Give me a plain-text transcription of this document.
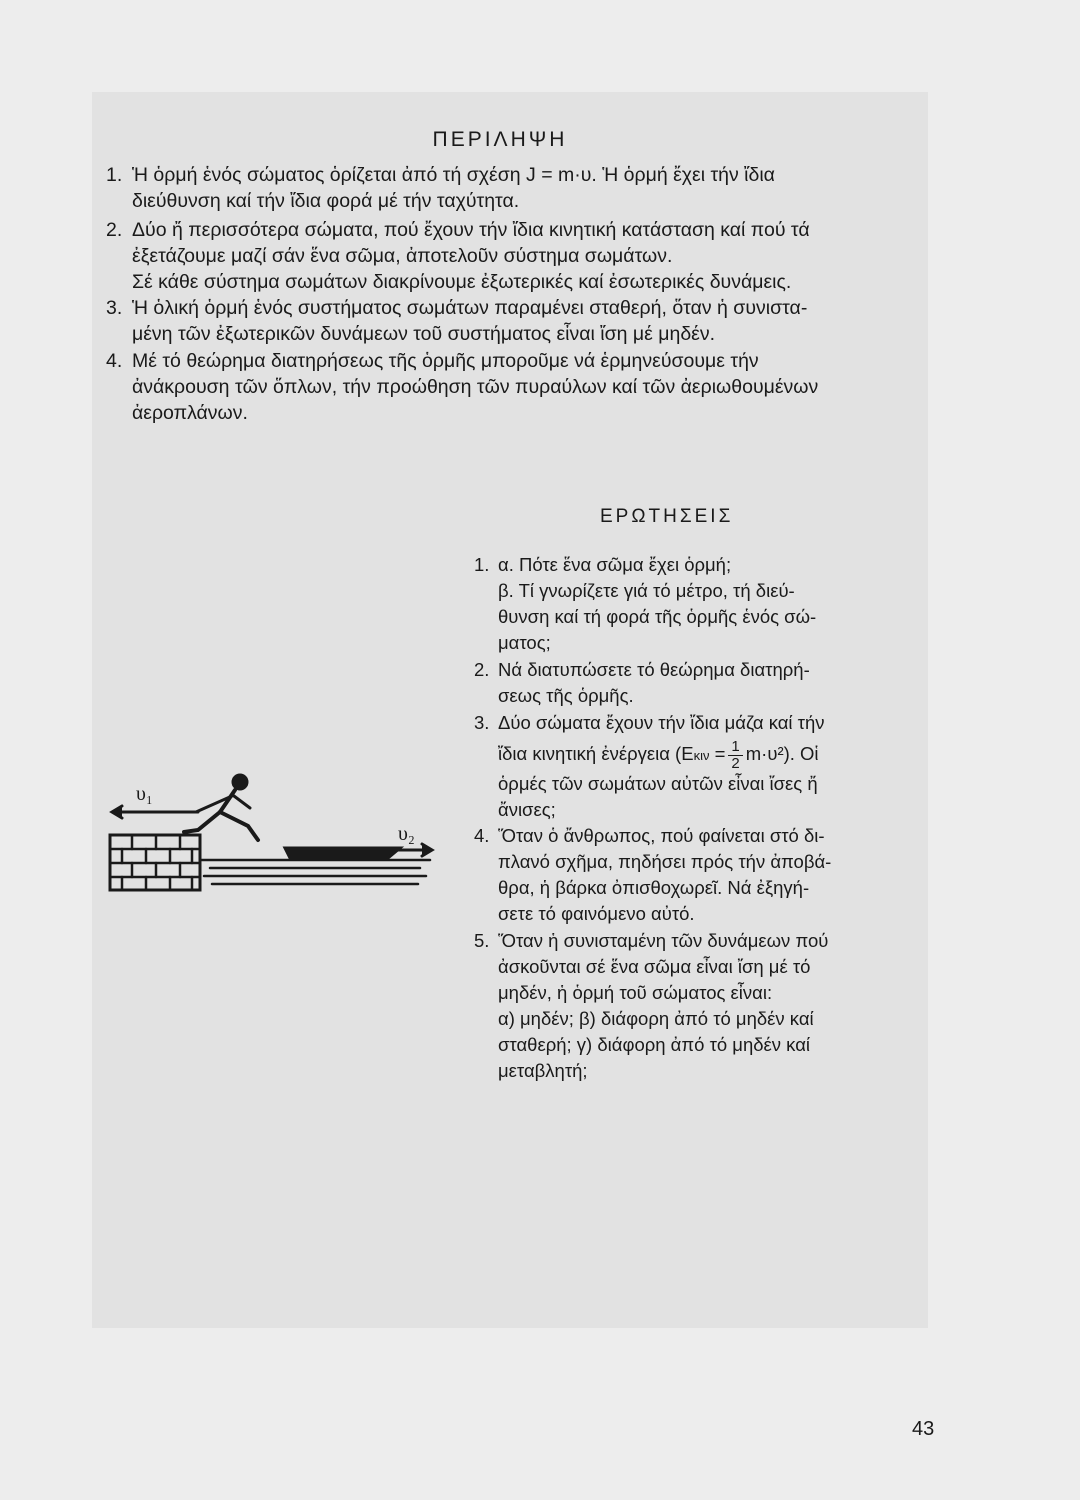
ΠΕΡΙΛΗΨΗ
1. Ἡ ὁρμή ἑνός σώματος ὁρίζεται ἀπό τή σχέση J = m·υ. Ἡ ὁρμή ἔχει τήν ἴδια
διεύθυνση καί τήν ἴδια φορά μέ τήν ταχύτητα.
2. Δύο ἤ περισσότερα σώματα, πού ἔχουν τήν ἴδια κινητική κατάσταση καί πού τά
ἐξετάζουμε μαζί σάν ἕνα σῶμα, ἀποτελοῦν σύστημα σωμάτων.
Σέ κάθε σύστημα σωμάτων διακρίνουμε ἐξωτερικές καί ἐσωτερικές δυνάμεις.
3. Ἡ ὁλική ὁρμή ἑνός συστήματος σωμάτων παραμένει σταθερή, ὅταν ἡ συνιστα-
μένη τῶν ἐξωτερικῶν δυνάμεων τοῦ συστήματος εἶναι ἴση μέ μηδέν.
4. Μέ τό θεώρημα διατηρήσεως τῆς ὁρμῆς μποροῦμε νά ἑρμηνεύσουμε τήν
ἀνάκρουση τῶν ὅπλων, τήν προώθηση τῶν πυραύλων καί τῶν ἀεριωθουμένων
ἀεροπλάνων.
ΕΡΩΤΗΣΕΙΣ
1. α. Πότε ἕνα σῶμα ἔχει ὁρμή;
β. Τί γνωρίζετε γιά τό μέτρο, τή διεύ-
θυνση καί τή φορά τῆς ὁρμῆς ἑνός σώ-
ματος;
2. Νά διατυπώσετε τό θεώρημα διατηρή-
σεως τῆς ὁρμῆς.
3. Δύο σώματα ἔχουν τήν ἴδια μάζα καί τήν
ἴδια κινητική ἐνέργεια $(E\kappa\iota\nu = \frac{1}{2} m\cdot\upsilon^2)$. Οἱ
ὁρμές τῶν σωμάτων αὐτῶν εἶναι ἴσες ἤ
ἄνισες;
4. Ὅταν ὁ ἄνθρωπος, πού φαίνεται στό δι-
πλανό σχῆμα, πηδήσει πρός τήν ἀποβά-
θρα, ἡ βάρκα ὀπισθοχωρεῖ. Νά ἐξηγή-
σετε τό φαινόμενο αὐτό.
5. Ὅταν ἡ συνισταμένη τῶν δυνάμεων πού
ἀσκοῦνται σέ ἕνα σῶμα εἶναι ἴση μέ τό
μηδέν, ἡ ὁρμή τοῦ σώματος εἶναι:
α) μηδέν; β) διάφορη ἀπό τό μηδέν καί
σταθερή; γ) διάφορη ἀπό τό μηδέν καί
μεταβλητή;
υ₁
υ₂
43
